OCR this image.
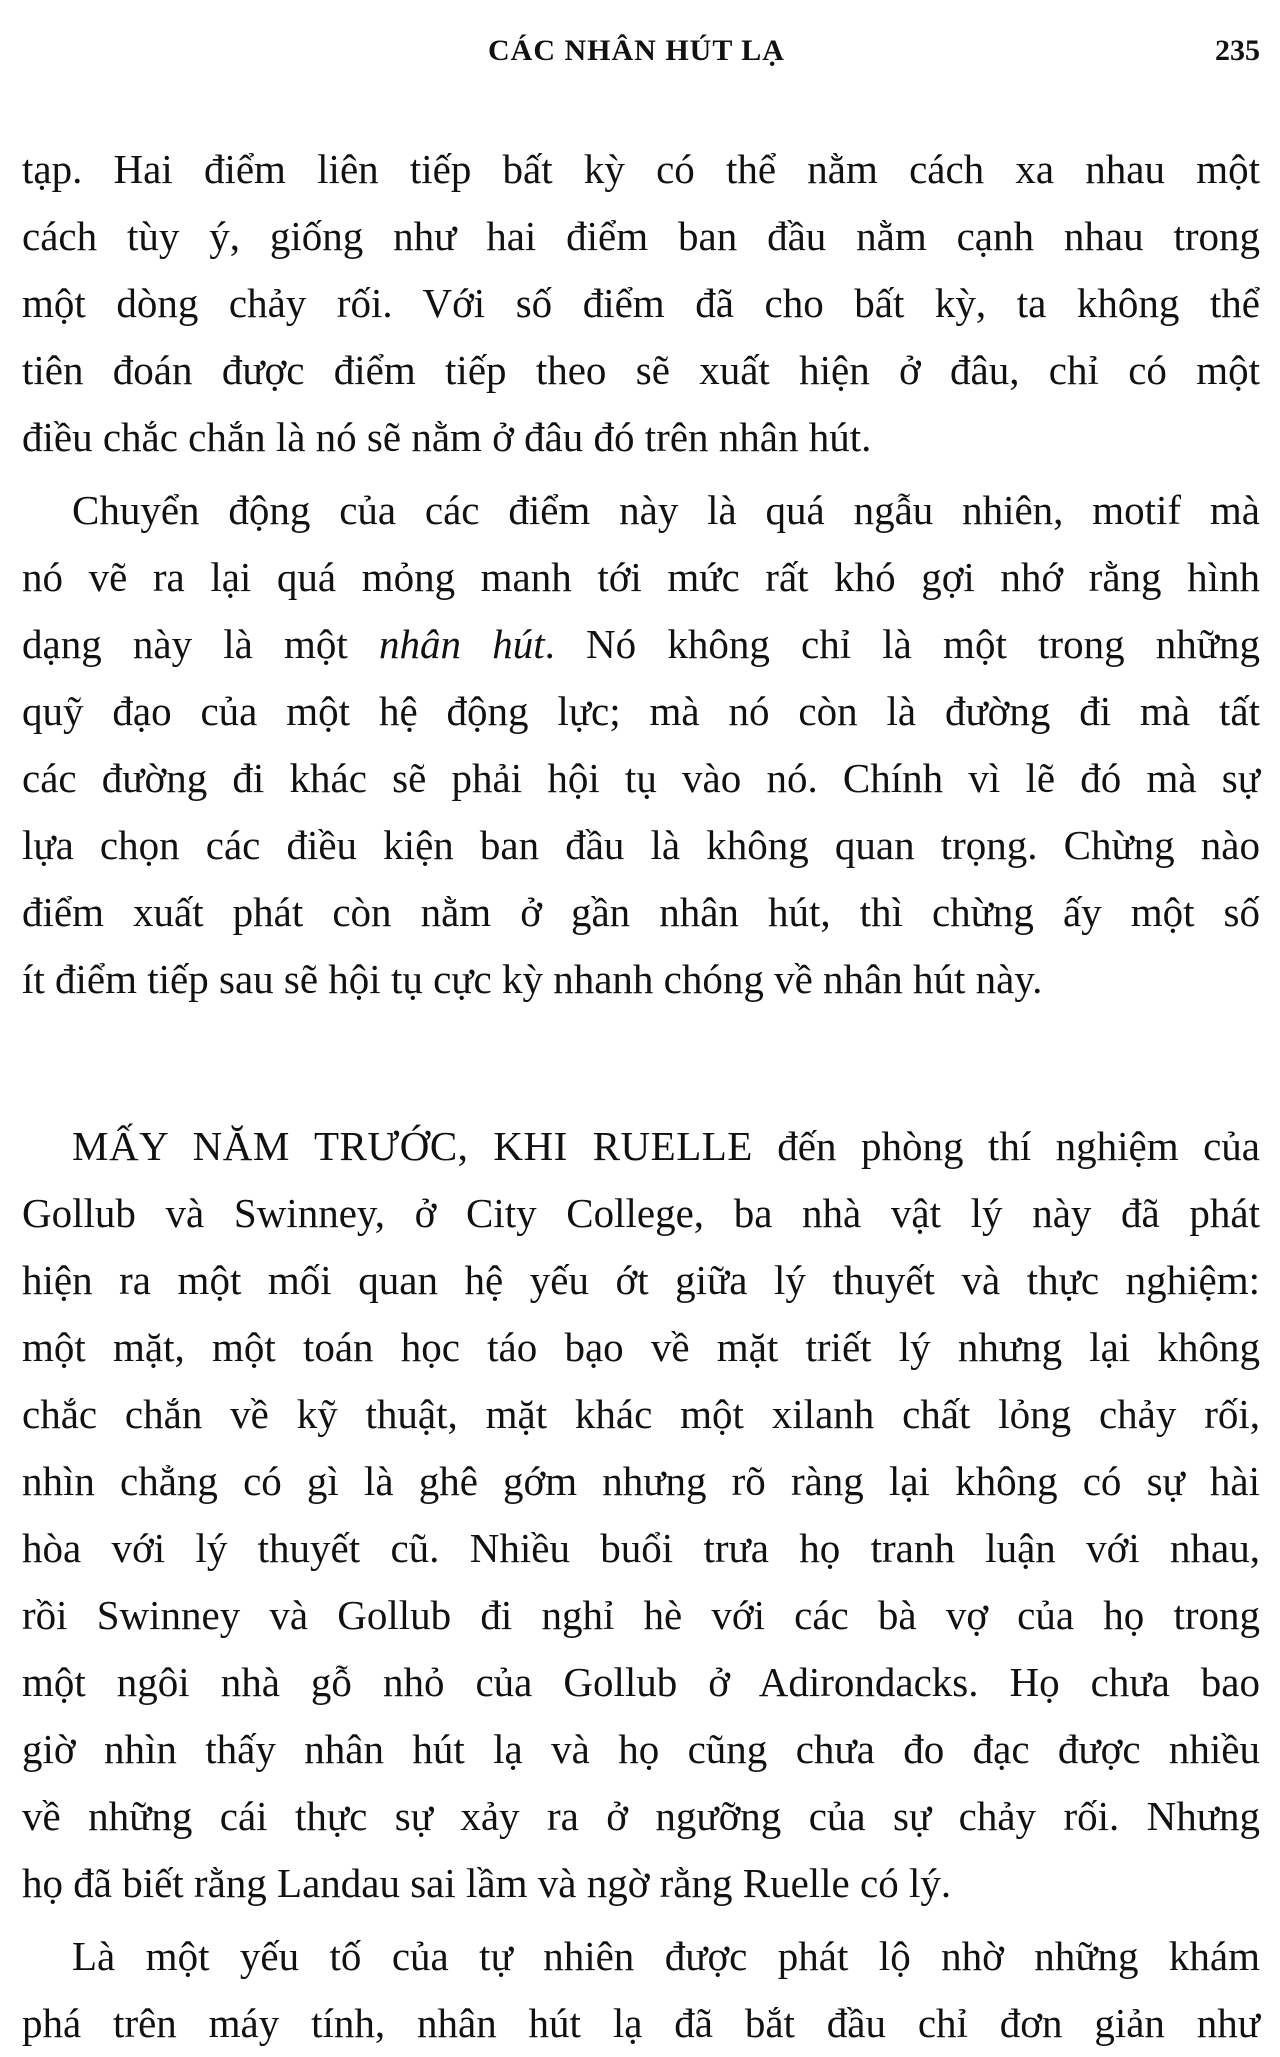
CÁC NHÂN HÚT LẠ	235
tạp. Hai điểm liên tiếp bất kỳ có thể nằm cách xa nhau một
cách tùy ý, giống như hai điểm ban đầu nằm cạnh nhau trong
một dòng chảy rối. Với số điểm đã cho bất kỳ, ta không thể
tiên đoán được điểm tiếp theo sẽ xuất hiện ở đâu, chỉ có một
điều chắc chắn là nó sẽ nằm ở đâu đó trên nhân hút.
Chuyển động của các điểm này là quá ngẫu nhiên, motif mà
nó vẽ ra lại quá mỏng manh tới mức rất khó gợi nhớ rằng hình
dạng này là một nhân hút. Nó không chỉ là một trong những
quỹ đạo của một hệ động lực; mà nó còn là đường đi mà tất
các đường đi khác sẽ phải hội tụ vào nó. Chính vì lẽ đó mà sự
lựa chọn các điều kiện ban đầu là không quan trọng. Chừng nào
điểm xuất phát còn nằm ở gần nhân hút, thì chừng ấy một số
ít điểm tiếp sau sẽ hội tụ cực kỳ nhanh chóng về nhân hút này.
MẤY NĂM TRƯỚC, KHI RUELLE đến phòng thí nghiệm của
Gollub và Swinney, ở City College, ba nhà vật lý này đã phát
hiện ra một mối quan hệ yếu ớt giữa lý thuyết và thực nghiệm:
một mặt, một toán học táo bạo về mặt triết lý nhưng lại không
chắc chắn về kỹ thuật, mặt khác một xilanh chất lỏng chảy rối,
nhìn chẳng có gì là ghê gớm nhưng rõ ràng lại không có sự hài
hòa với lý thuyết cũ. Nhiều buổi trưa họ tranh luận với nhau,
rồi Swinney và Gollub đi nghỉ hè với các bà vợ của họ trong
một ngôi nhà gỗ nhỏ của Gollub ở Adirondacks. Họ chưa bao
giờ nhìn thấy nhân hút lạ và họ cũng chưa đo đạc được nhiều
về những cái thực sự xảy ra ở ngưỡng của sự chảy rối. Nhưng
họ đã biết rằng Landau sai lầm và ngờ rằng Ruelle có lý.
Là một yếu tố của tự nhiên được phát lộ nhờ những khám
phá trên máy tính, nhân hút lạ đã bắt đầu chỉ đơn giản như
